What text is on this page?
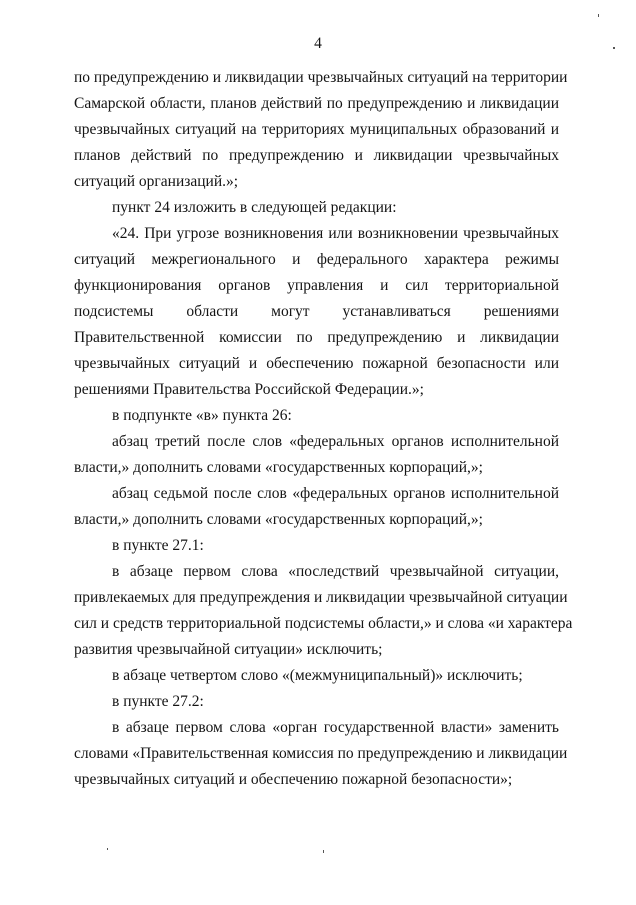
4
по предупреждению и ликвидации чрезвычайных ситуаций на территории
Самарской области, планов действий по предупреждению и ликвидации
чрезвычайных ситуаций на территориях муниципальных образований и
планов действий по предупреждению и ликвидации чрезвычайных
ситуаций организаций.»;
пункт 24 изложить в следующей редакции:
«24. При угрозе возникновения или возникновении чрезвычайных
ситуаций межрегионального и федерального характера режимы
функционирования органов управления и сил территориальной
подсистемы области могут устанавливаться решениями
Правительственной комиссии по предупреждению и ликвидации
чрезвычайных ситуаций и обеспечению пожарной безопасности или
решениями Правительства Российской Федерации.»;
в подпункте «в» пункта 26:
абзац третий после слов «федеральных органов исполнительной
власти,» дополнить словами «государственных корпораций,»;
абзац седьмой после слов «федеральных органов исполнительной
власти,» дополнить словами «государственных корпораций,»;
в пункте 27.1:
в абзаце первом слова «последствий чрезвычайной ситуации,
привлекаемых для предупреждения и ликвидации чрезвычайной ситуации
сил и средств территориальной подсистемы области,» и слова «и характера
развития чрезвычайной ситуации» исключить;
в абзаце четвертом слово «(межмуниципальный)» исключить;
в пункте 27.2:
в абзаце первом слова «орган государственной власти» заменить
словами «Правительственная комиссия по предупреждению и ликвидации
чрезвычайных ситуаций и обеспечению пожарной безопасности»;
